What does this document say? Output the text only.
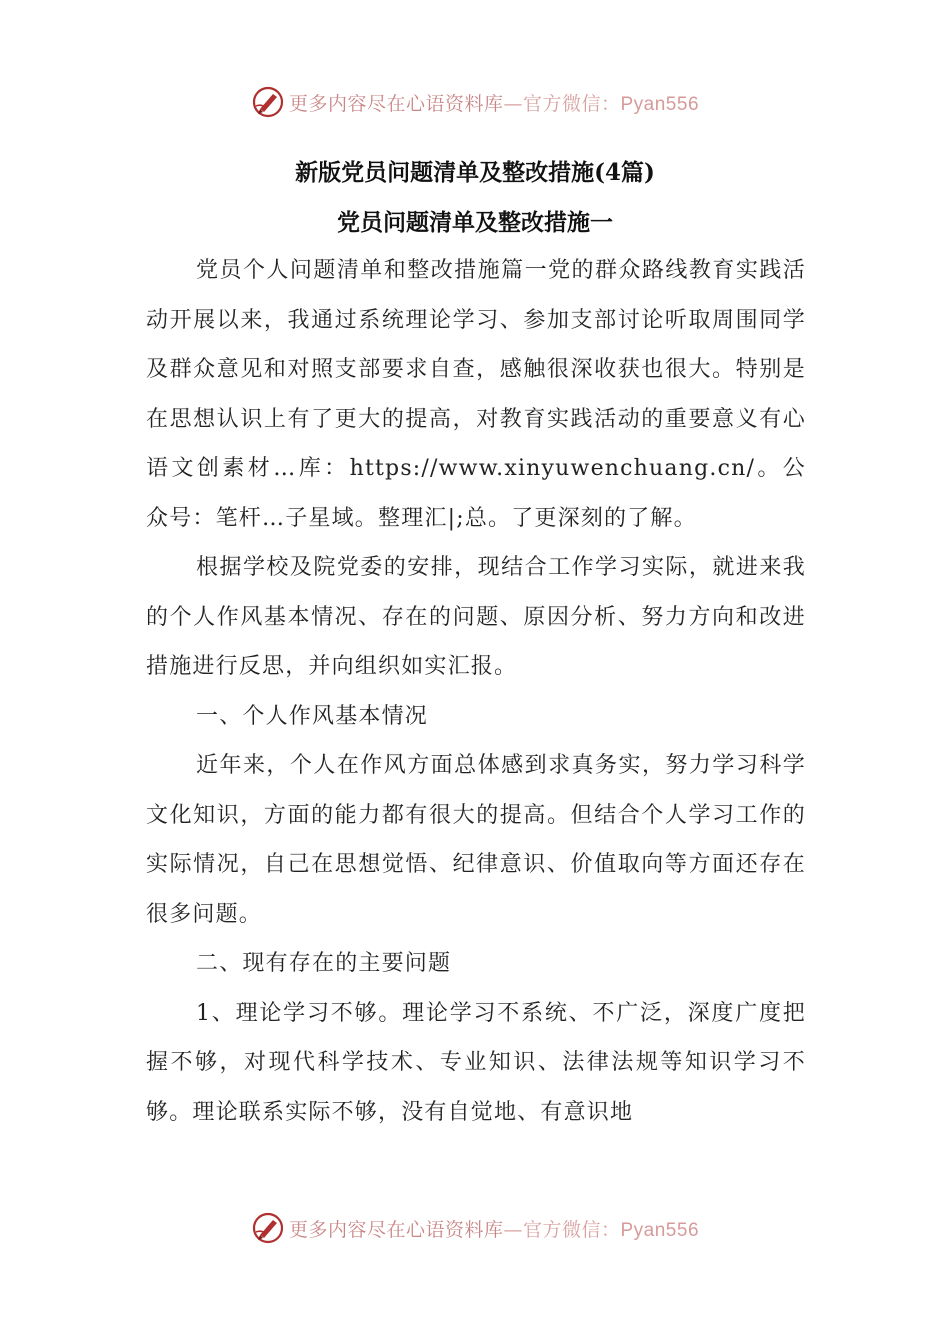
更多内容尽在心语资料库—官方微信：Pyan556
新版党员问题清单及整改措施(4篇)
党员问题清单及整改措施一

党员个人问题清单和整改措施篇一党的群众路线教育实践活动开展以来，我通过系统理论学习、参加支部讨论听取周围同学及群众意见和对照支部要求自查，感触很深收获也很大。特别是在思想认识上有了更大的提高，对教育实践活动的重要意义有心语文创素材…库：https://www.xinyuwenchuang.cn/。公众号：笔杆…子星域。整理汇|;总。了更深刻的了解。

根据学校及院党委的安排，现结合工作学习实际，就进来我的个人作风基本情况、存在的问题、原因分析、努力方向和改进措施进行反思，并向组织如实汇报。

一、个人作风基本情况

近年来，个人在作风方面总体感到求真务实，努力学习科学文化知识，方面的能力都有很大的提高。但结合个人学习工作的实际情况，自己在思想觉悟、纪律意识、价值取向等方面还存在很多问题。

二、现有存在的主要问题

1、理论学习不够。理论学习不系统、不广泛，深度广度把握不够，对现代科学技术、专业知识、法律法规等知识学习不够。理论联系实际不够，没有自觉地、有意识地

更多内容尽在心语资料库—官方微信：Pyan556
